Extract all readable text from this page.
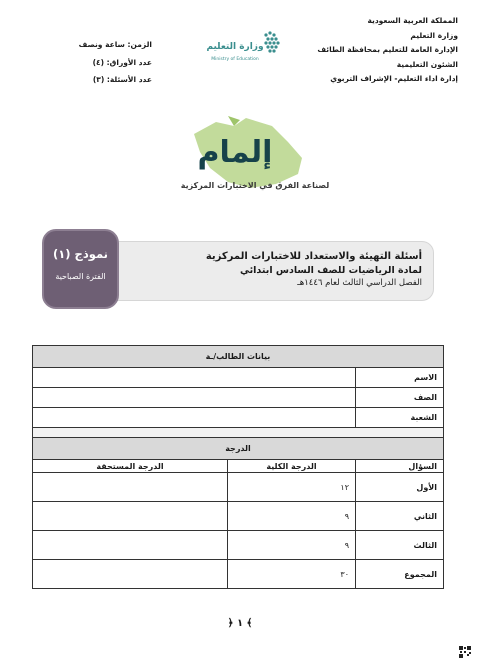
المملكة العربية السعودية
وزارة التعليم
الإدارة العامة للتعليم بمحافظة الطائف
الشئون التعليمية
إدارة اداء التعليم- الإشراف التربوي
الزمن: ساعة ونصف
عدد الأوراق: (٤)
عدد الأسئلة: (٣)
وزارة التعليم
Ministry of Education
إلمام
لصناعة الفرق في الاختبارات المركزية
أسئلة التهيئة والاستعداد للاختبارات المركزية
لمادة الرياضيات للصف السادس ابتدائي
الفصل الدراسي الثالث لعام ١٤٤٦هـ
نموذج (١)
الفترة الصباحية
بيانات الطالب/ـة		
الاسم		
الصف		
الشعبة		

الدرجة		
السؤال	الدرجة الكلية	الدرجة المستحقة
الأول	١٢	
الثاني	٩	
الثالث	٩	
المجموع	٣٠	
﴾ ١ ﴿
